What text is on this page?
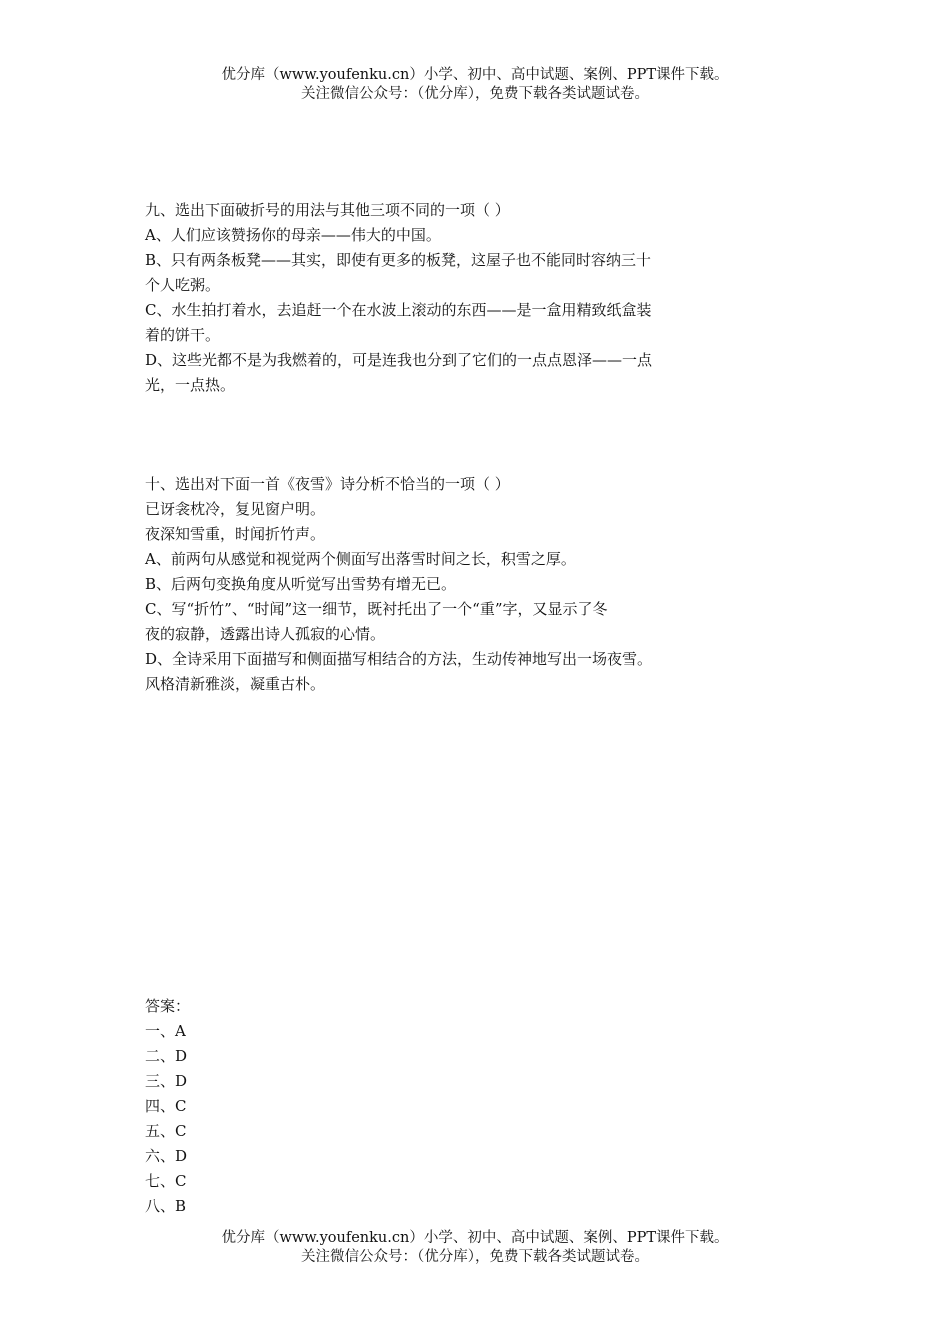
优分库（www.youfenku.cn）小学、初中、高中试题、案例、PPT课件下载。
关注微信公众号：（优分库），免费下载各类试题试卷。
九、选出下面破折号的用法与其他三项不同的一项（ ）
A、人们应该赞扬你的母亲——伟大的中国。
B、只有两条板凳——其实，即使有更多的板凳，这屋子也不能同时容纳三十
个人吃粥。
C、水生拍打着水，去追赶一个在水波上滚动的东西——是一盒用精致纸盒装
着的饼干。
D、这些光都不是为我燃着的，可是连我也分到了它们的一点点恩泽——一点
光，一点热。
十、选出对下面一首《夜雪》诗分析不恰当的一项（ ）
已讶衾枕冷，复见窗户明。
夜深知雪重，时闻折竹声。
A、前两句从感觉和视觉两个侧面写出落雪时间之长，积雪之厚。
B、后两句变换角度从听觉写出雪势有增无已。
C、写“折竹”、“时闻”这一细节，既衬托出了一个“重”字，又显示了冬
夜的寂静，透露出诗人孤寂的心情。
D、全诗采用下面描写和侧面描写相结合的方法，生动传神地写出一场夜雪。
风格清新雅淡，凝重古朴。
答案：
一、A
二、D
三、D
四、C
五、C
六、D
七、C
八、B
优分库（www.youfenku.cn）小学、初中、高中试题、案例、PPT课件下载。
关注微信公众号：（优分库），免费下载各类试题试卷。
